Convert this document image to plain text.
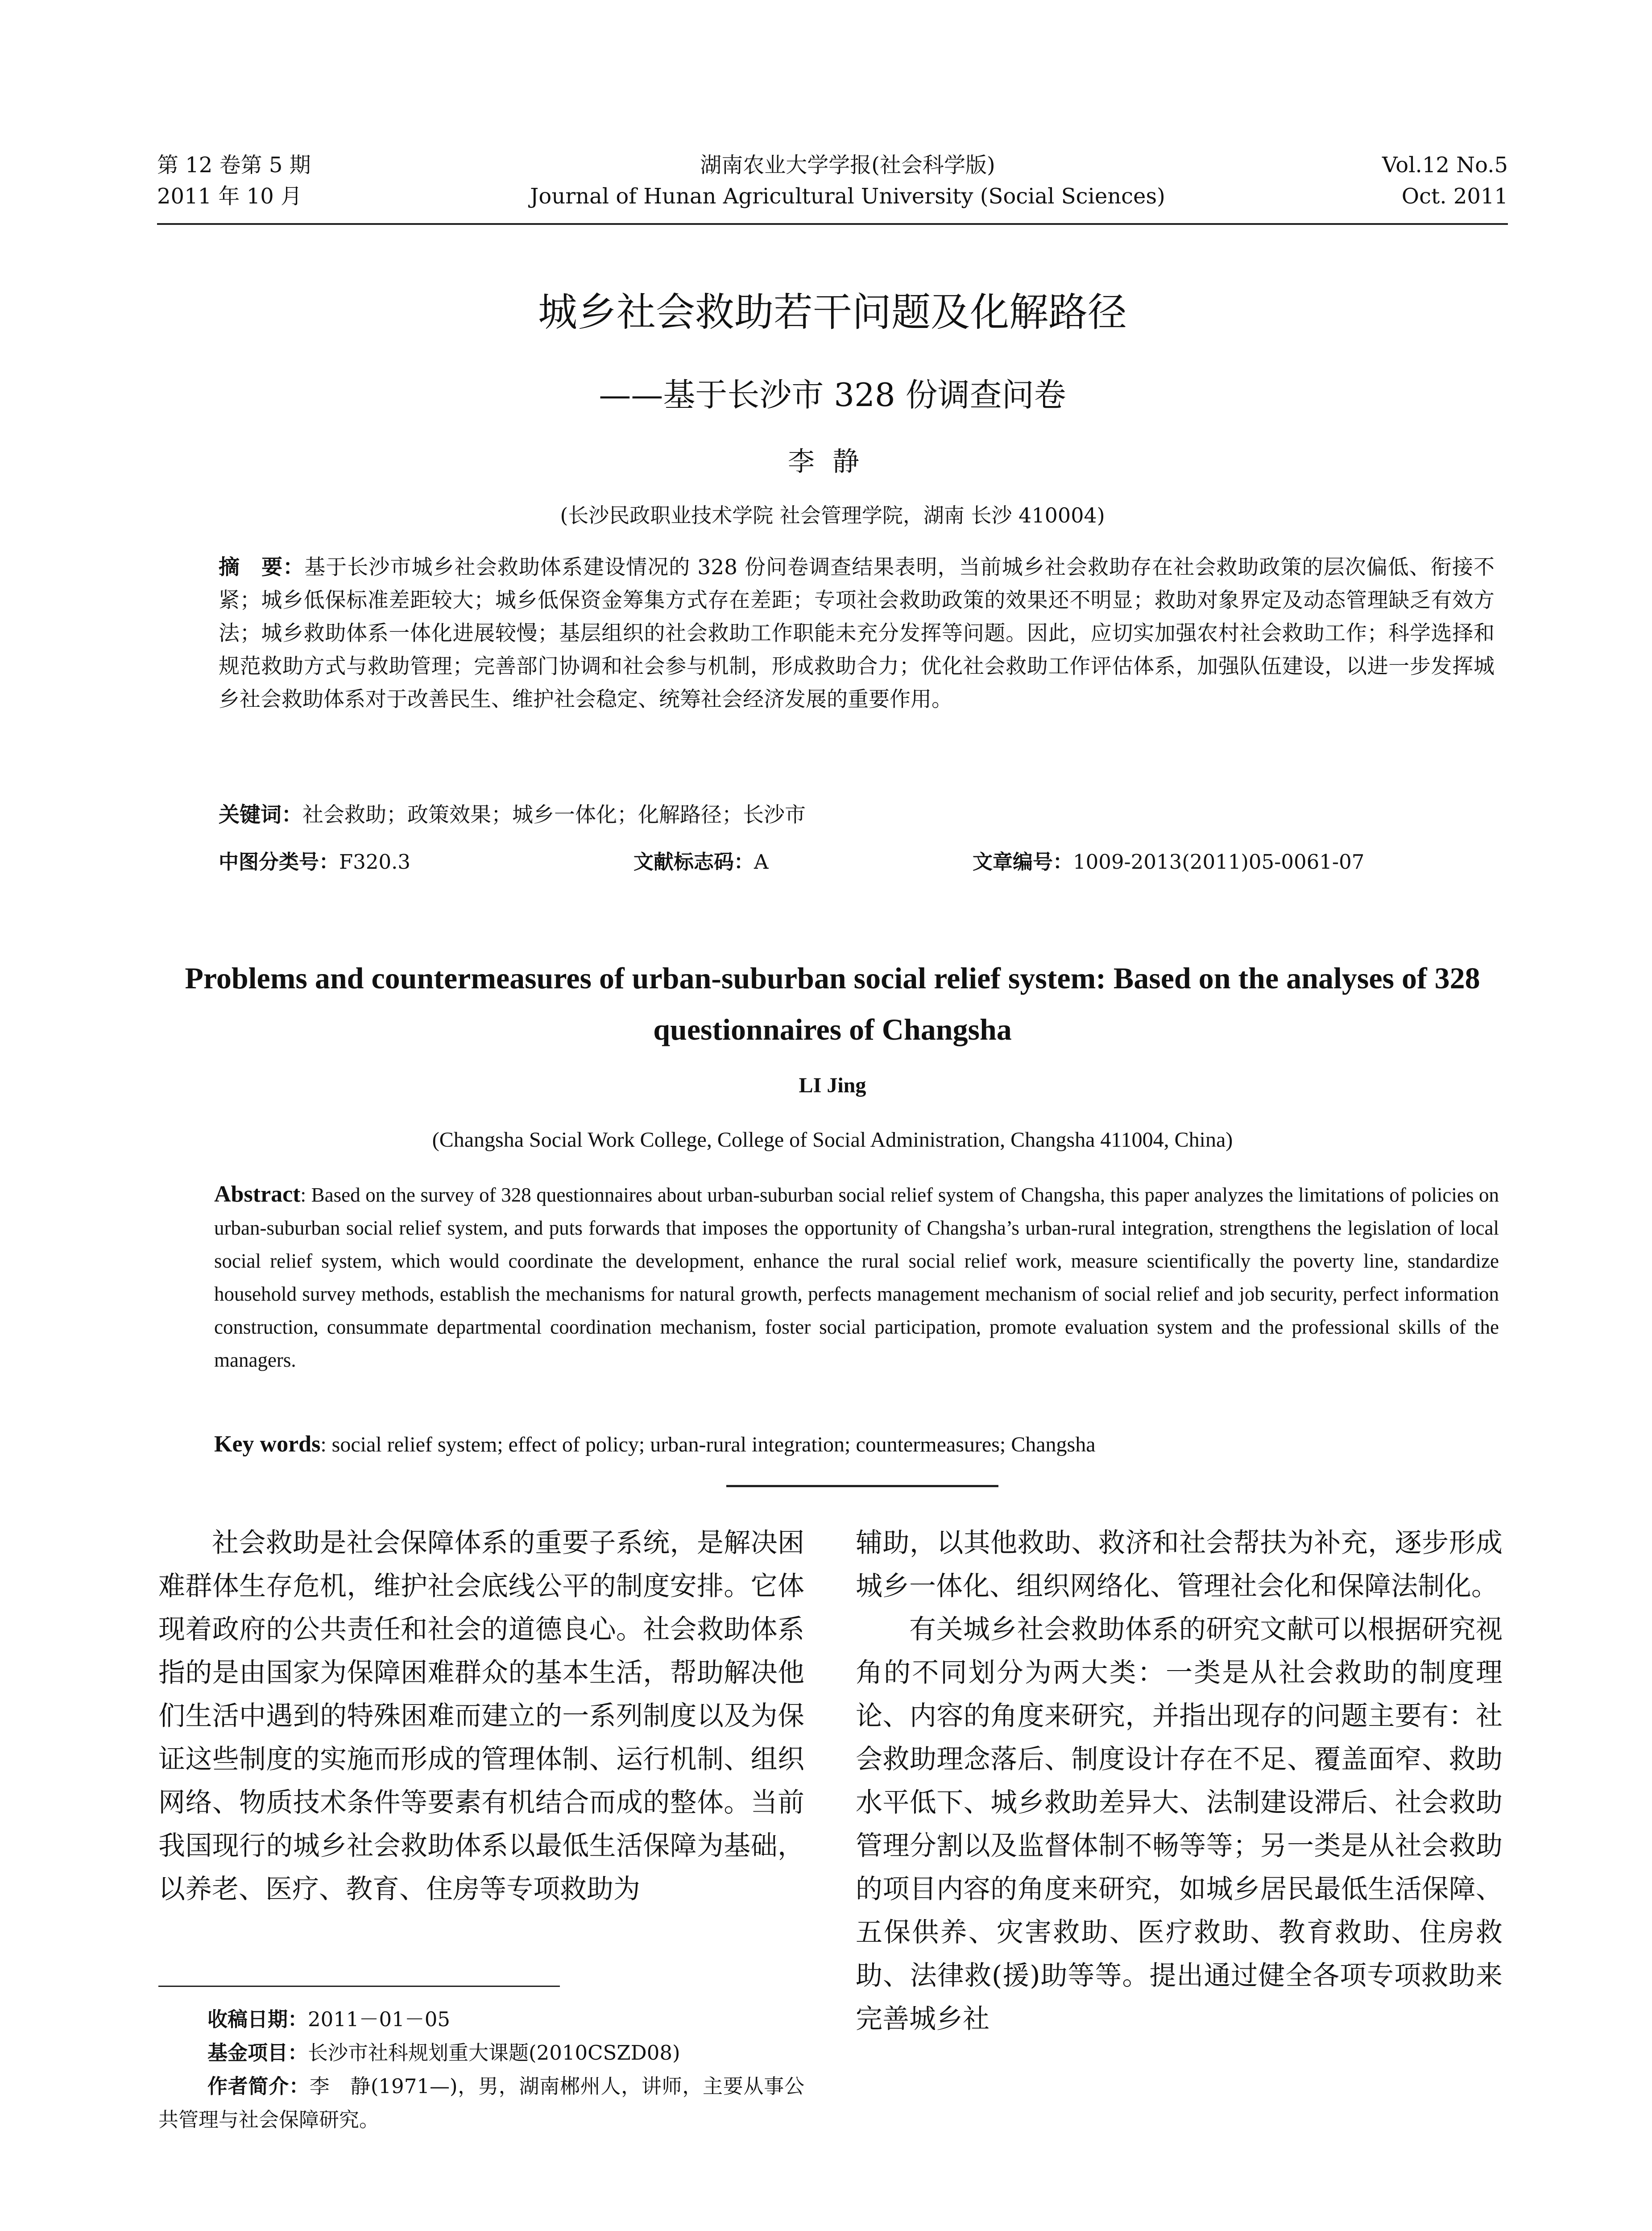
第 12 卷第 5 期
2011 年 10 月
湖南农业大学学报(社会科学版)
Journal of Hunan Agricultural University (Social Sciences)
Vol.12 No.5
Oct. 2011
城乡社会救助若干问题及化解路径
——基于长沙市 328 份调查问卷
李静
(长沙民政职业技术学院 社会管理学院，湖南 长沙 410004)
摘　要：基于长沙市城乡社会救助体系建设情况的 328 份问卷调查结果表明，当前城乡社会救助存在社会救助政策的层次偏低、衔接不紧；城乡低保标准差距较大；城乡低保资金筹集方式存在差距；专项社会救助政策的效果还不明显；救助对象界定及动态管理缺乏有效方法；城乡救助体系一体化进展较慢；基层组织的社会救助工作职能未充分发挥等问题。因此，应切实加强农村社会救助工作；科学选择和规范救助方式与救助管理；完善部门协调和社会参与机制，形成救助合力；优化社会救助工作评估体系，加强队伍建设，以进一步发挥城乡社会救助体系对于改善民生、维护社会稳定、统筹社会经济发展的重要作用。
关键词：社会救助；政策效果；城乡一体化；化解路径；长沙市
中图分类号：F320.3	文献标志码：A	文章编号：1009-2013(2011)05-0061-07
Problems and countermeasures of urban-suburban social relief system: Based on the analyses of 328 questionnaires of Changsha
LI Jing
(Changsha Social Work College, College of Social Administration, Changsha 411004, China)
Abstract: Based on the survey of 328 questionnaires about urban-suburban social relief system of Changsha, this paper analyzes the limitations of policies on urban-suburban social relief system, and puts forwards that imposes the opportunity of Changsha’s urban-rural integration, strengthens the legislation of local social relief system, which would coordinate the development, enhance the rural social relief work, measure scientifically the poverty line, standardize household survey methods, establish the mechanisms for natural growth, perfects management mechanism of social relief and job security, perfect information construction, consummate departmental coordination mechanism, foster social participation, promote evaluation system and the professional skills of the managers.
Key words: social relief system; effect of policy; urban-rural integration; countermeasures; Changsha

社会救助是社会保障体系的重要子系统，是解决困难群体生存危机，维护社会底线公平的制度安排。它体现着政府的公共责任和社会的道德良心。社会救助体系指的是由国家为保障困难群众的基本生活，帮助解决他们生活中遇到的特殊困难而建立的一系列制度以及为保证这些制度的实施而形成的管理体制、运行机制、组织网络、物质技术条件等要素有机结合而成的整体。当前我国现行的城乡社会救助体系以最低生活保障为基础，以养老、医疗、教育、住房等专项救助为

辅助，以其他救助、救济和社会帮扶为补充，逐步形成城乡一体化、组织网络化、管理社会化和保障法制化。

有关城乡社会救助体系的研究文献可以根据研究视角的不同划分为两大类：一类是从社会救助的制度理论、内容的角度来研究，并指出现存的问题主要有：社会救助理念落后、制度设计存在不足、覆盖面窄、救助水平低下、城乡救助差异大、法制建设滞后、社会救助管理分割以及监督体制不畅等等；另一类是从社会救助的项目内容的角度来研究，如城乡居民最低生活保障、五保供养、灾害救助、医疗救助、教育救助、住房救助、法律救(援)助等等。提出通过健全各项专项救助来完善城乡社

收稿日期：2011－01－05

基金项目：长沙市社科规划重大课题(2010CSZD08)

作者简介：李　静(1971—)，男，湖南郴州人，讲师，主要从事公共管理与社会保障研究。
